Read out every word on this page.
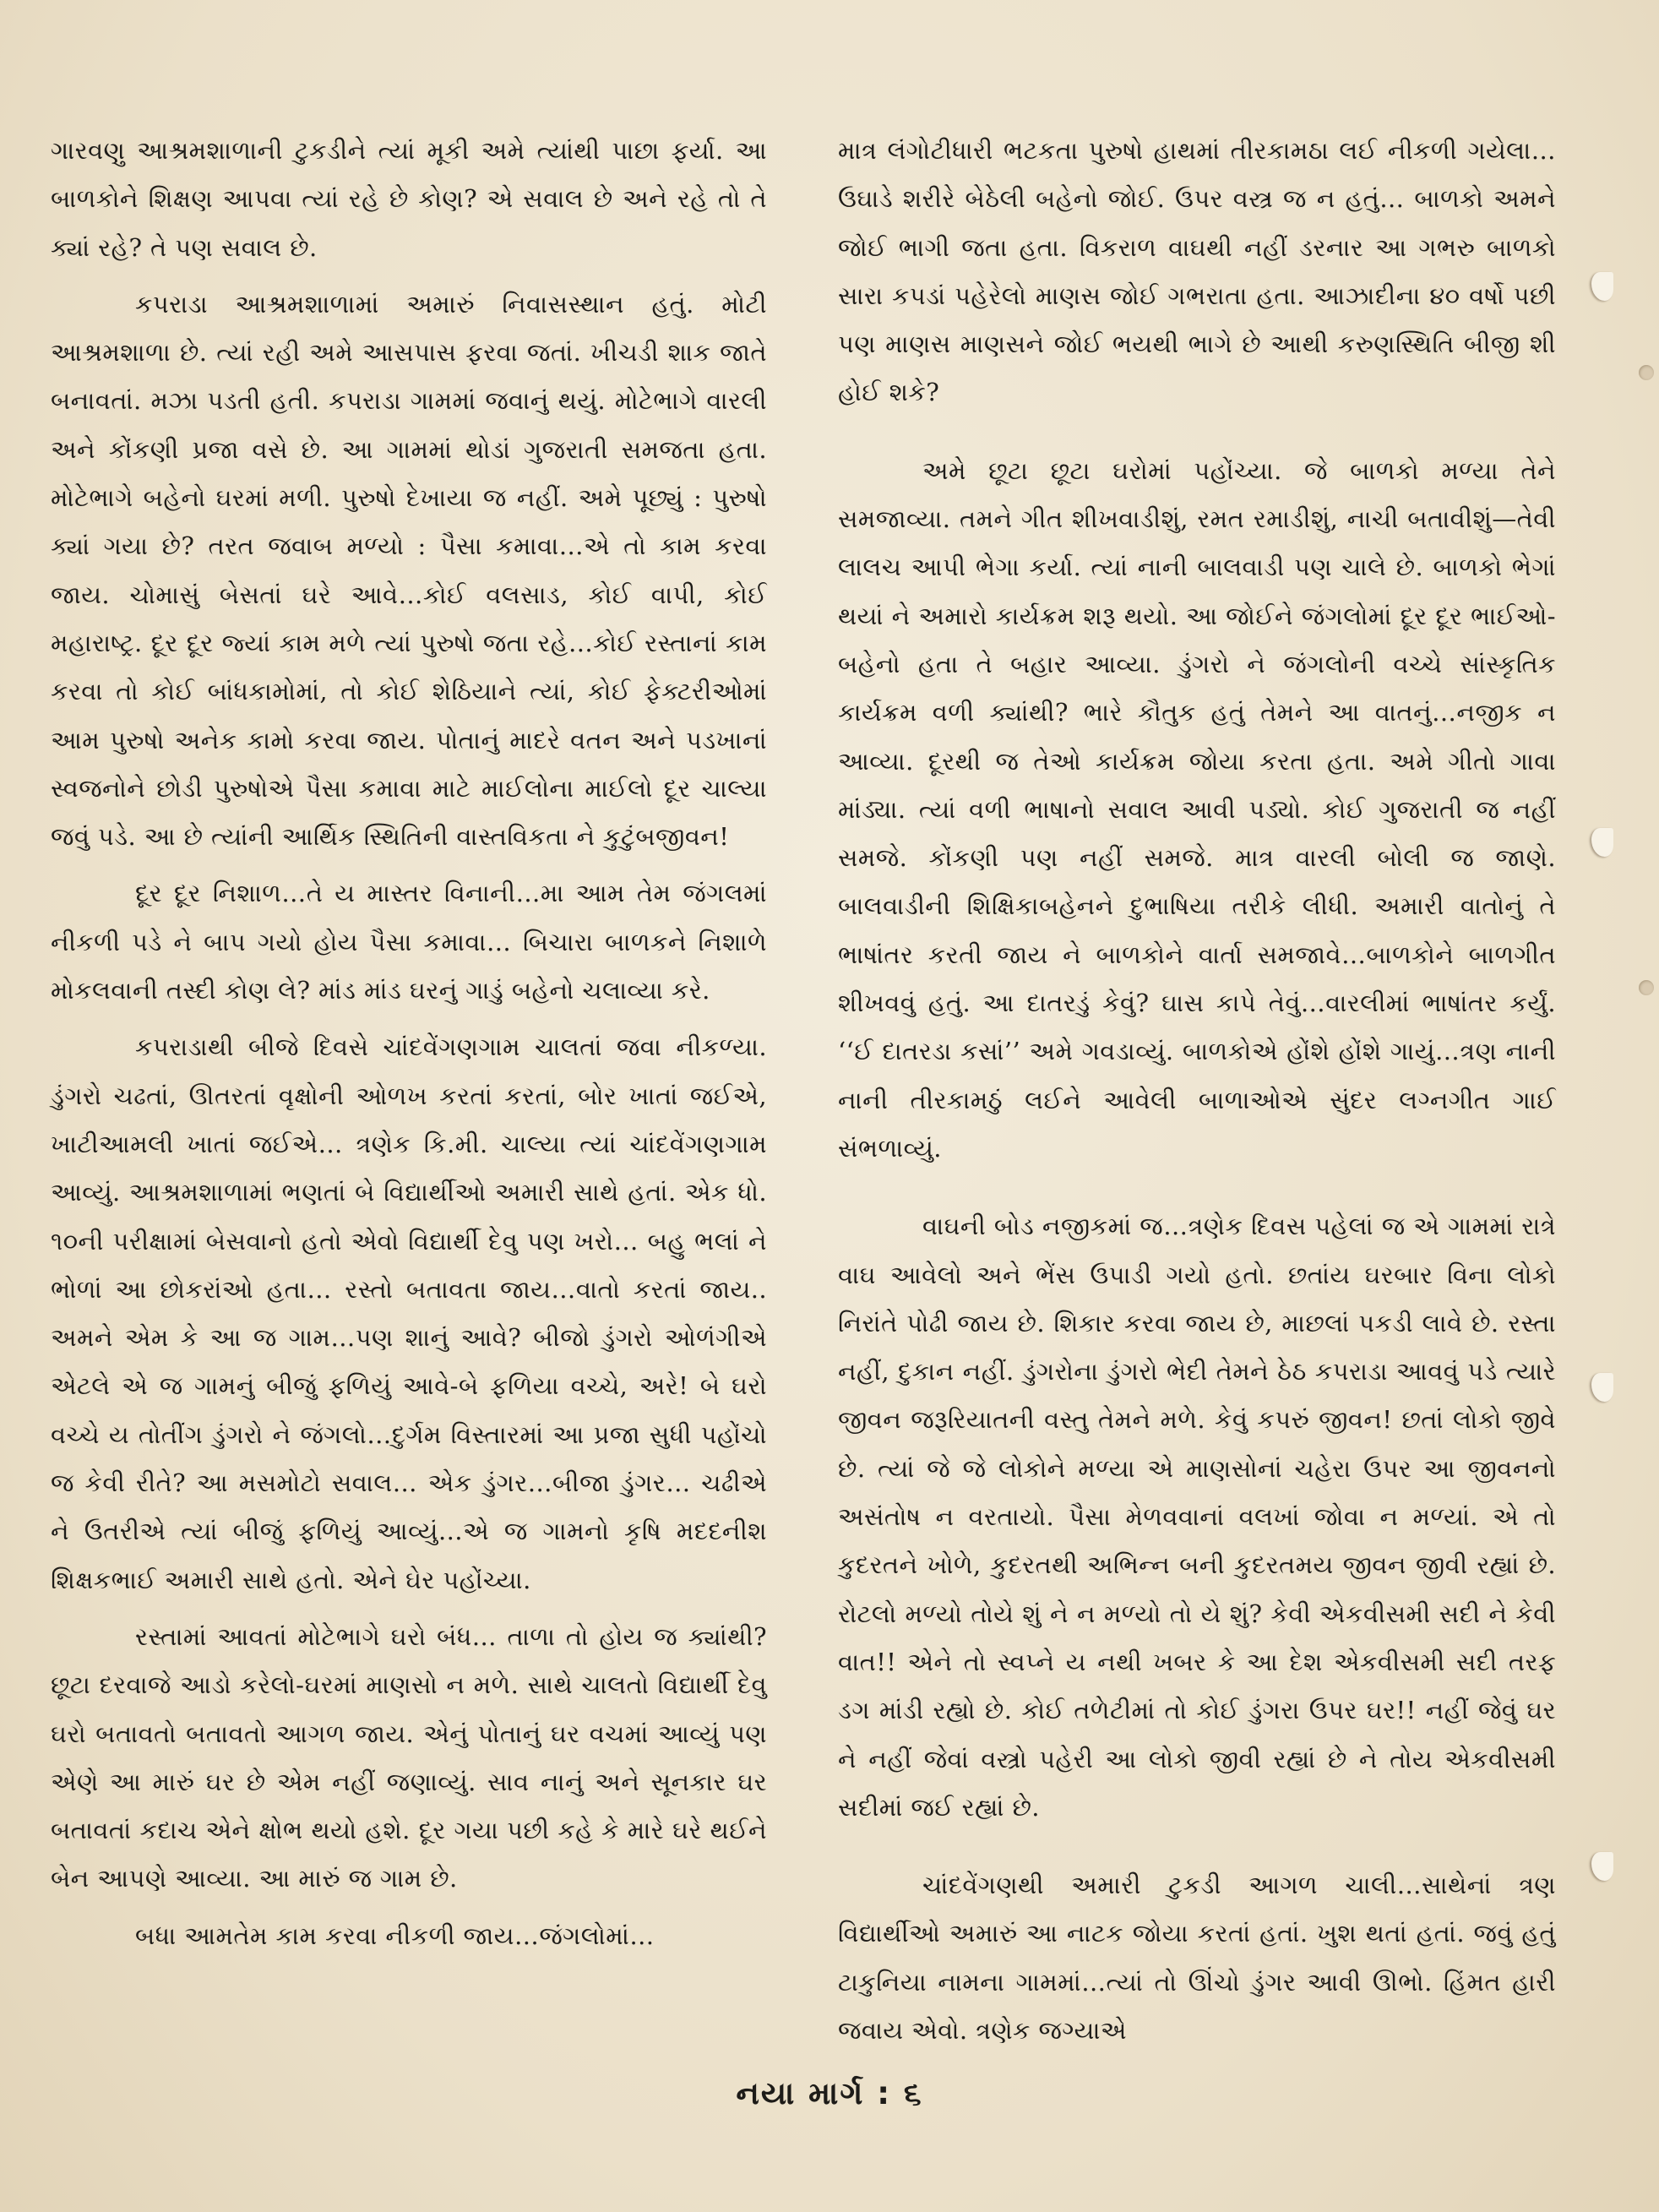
ગારવણુ આશ્રમશાળાની ટુકડીને ત્યાં મૂકી અમે ત્યાંથી પાછા ફર્યા. આ બાળકોને શિક્ષણ આપવા ત્યાં રહે છે કોણ? એ સવાલ છે અને રહે તો તે ક્યાં રહે? તે પણ સવાલ છે.

કપરાડા આશ્રમશાળામાં અમારું નિવાસસ્થાન હતું. મોટી આશ્રમશાળા છે. ત્યાં રહી અમે આસપાસ ફરવા જતાં. ખીચડી શાક જાતે બનાવતાં. મઝા પડતી હતી. કપરાડા ગામમાં જવાનું થયું. મોટેભાગે વારલી અને કોંકણી પ્રજા વસે છે. આ ગામમાં થોડાં ગુજરાતી સમજતા હતા. મોટેભાગે બહેનો ઘરમાં મળી. પુરુષો દેખાયા જ નહીં. અમે પૂછ્યું : પુરુષો ક્યાં ગયા છે? તરત જવાબ મળ્યો : પૈસા કમાવા…એ તો કામ કરવા જાય. ચોમાસું બેસતાં ઘરે આવે…કોઈ વલસાડ, કોઈ વાપી, કોઈ મહારાષ્ટ્ર. દૂર દૂર જ્યાં કામ મળે ત્યાં પુરુષો જતા રહે…કોઈ રસ્તાનાં કામ કરવા તો કોઈ બાંધકામોમાં, તો કોઈ શેઠિયાને ત્યાં, કોઈ ફેક્ટરીઓમાં આમ પુરુષો અનેક કામો કરવા જાય. પોતાનું માદરે વતન અને પડખાનાં સ્વજનોને છોડી પુરુષોએ પૈસા કમાવા માટે માઈલોના માઈલો દૂર ચાલ્યા જવું પડે. આ છે ત્યાંની આર્થિક સ્થિતિની વાસ્તવિકતા ને કુટુંબજીવન!

દૂર દૂર નિશાળ…તે ય માસ્તર વિનાની…મા આમ તેમ જંગલમાં નીકળી પડે ને બાપ ગયો હોય પૈસા કમાવા… બિચારા બાળકને નિશાળે મોકલવાની તસ્દી કોણ લે? માંડ માંડ ઘરનું ગાડું બહેનો ચલાવ્યા કરે.

કપરાડાથી બીજે દિવસે ચાંદવેંગણગામ ચાલતાં જવા નીકળ્યા. ડુંગરો ચઢતાં, ઊતરતાં વૃક્ષોની ઓળખ કરતાં કરતાં, બોર ખાતાં જઈએ, ખાટીઆમલી ખાતાં જઈએ… ત્રણેક કિ.મી. ચાલ્યા ત્યાં ચાંદવેંગણગામ આવ્યું. આશ્રમશાળામાં ભણતાં બે વિદ્યાર્થીઓ અમારી સાથે હતાં. એક ધો. ૧૦ની પરીક્ષામાં બેસવાનો હતો એવો વિદ્યાર્થી દેવુ પણ ખરો… બહુ ભલાં ને ભોળાં આ છોકરાંઓ હતા… રસ્તો બતાવતા જાય…વાતો કરતાં જાય.. અમને એમ કે આ જ ગામ…પણ શાનું આવે? બીજો ડુંગરો ઓળંગીએ એટલે એ જ ગામનું બીજું ફળિયું આવે-બે ફળિયા વચ્ચે, અરે! બે ઘરો વચ્ચે ય તોતીંગ ડુંગરો ને જંગલો…દુર્ગમ વિસ્તારમાં આ પ્રજા સુધી પહોંચો જ કેવી રીતે? આ મસમોટો સવાલ… એક ડુંગર…બીજા ડુંગર… ચઢીએ ને ઉતરીએ ત્યાં બીજું ફળિયું આવ્યું…એ જ ગામનો કૃષિ મદદનીશ શિક્ષકભાઈ અમારી સાથે હતો. એને ઘેર પહોંચ્યા.

રસ્તામાં આવતાં મોટેભાગે ઘરો બંધ… તાળા તો હોય જ ક્યાંથી? છૂટા દરવાજે આડો કરેલો-ઘરમાં માણસો ન મળે. સાથે ચાલતો વિદ્યાર્થી દેવુ ઘરો બતાવતો બતાવતો આગળ જાય. એનું પોતાનું ઘર વચમાં આવ્યું પણ એણે આ મારું ઘર છે એમ નહીં જણાવ્યું. સાવ નાનું અને સૂનકાર ઘર બતાવતાં કદાચ એને ક્ષોભ થયો હશે. દૂર ગયા પછી કહે કે મારે ઘરે થઈને બેન આપણે આવ્યા. આ મારું જ ગામ છે.

બધા આમતેમ કામ કરવા નીકળી જાય…જંગલોમાં…

માત્ર લંગોટીધારી ભટકતા પુરુષો હાથમાં તીરકામઠા લઈ નીકળી ગયેલા… ઉઘાડે શરીરે બેઠેલી બહેનો જોઈ. ઉપર વસ્ત્ર જ ન હતું… બાળકો અમને જોઈ ભાગી જતા હતા. વિકરાળ વાઘથી નહીં ડરનાર આ ગભરુ બાળકો સારા કપડાં પહેરેલો માણસ જોઈ ગભરાતા હતા. આઝાદીના ૪૦ વર્ષો પછી પણ માણસ માણસને જોઈ ભયથી ભાગે છે આથી કરુણસ્થિતિ બીજી શી હોઈ શકે?

અમે છૂટા છૂટા ઘરોમાં પહોંચ્યા. જે બાળકો મળ્યા તેને સમજાવ્યા. તમને ગીત શીખવાડીશું, રમત રમાડીશું, નાચી બતાવીશું—તેવી લાલચ આપી ભેગા કર્યા. ત્યાં નાની બાલવાડી પણ ચાલે છે. બાળકો ભેગાં થયાં ને અમારો કાર્યક્રમ શરૂ થયો. આ જોઈને જંગલોમાં દૂર દૂર ભાઈઓ-બહેનો હતા તે બહાર આવ્યા. ડુંગરો ને જંગલોની વચ્ચે સાંસ્કૃતિક કાર્યક્રમ વળી ક્યાંથી? ભારે કૌતુક હતું તેમને આ વાતનું…નજીક ન આવ્યા. દૂરથી જ તેઓ કાર્યક્રમ જોયા કરતા હતા. અમે ગીતો ગાવા માંડ્યા. ત્યાં વળી ભાષાનો સવાલ આવી પડ્યો. કોઈ ગુજરાતી જ નહીં સમજે. કોંકણી પણ નહીં સમજે. માત્ર વારલી બોલી જ જાણે. બાલવાડીની શિક્ષિકાબહેનને દુભાષિયા તરીકે લીધી. અમારી વાતોનું તે ભાષાંતર કરતી જાય ને બાળકોને વાર્તા સમજાવે…બાળકોને બાળગીત શીખવવું હતું. આ દાતરડું કેવું? ઘાસ કાપે તેવું…વારલીમાં ભાષાંતર કર્યું. ‘‘ઈ દાતરડા કસાં’’ અમે ગવડાવ્યું. બાળકોએ હોંશે હોંશે ગાયું…ત્રણ નાની નાની તીરકામઠું લઈને આવેલી બાળાઓએ સુંદર લગ્નગીત ગાઈ સંભળાવ્યું.

વાઘની બોડ નજીકમાં જ…ત્રણેક દિવસ પહેલાં જ એ ગામમાં રાત્રે વાઘ આવેલો અને ભેંસ ઉપાડી ગયો હતો. છતાંય ઘરબાર વિના લોકો નિરાંતે પોઢી જાય છે. શિકાર કરવા જાય છે, માછલાં પકડી લાવે છે. રસ્તા નહીં, દુકાન નહીં. ડુંગરોના ડુંગરો ભેદી તેમને ઠેઠ કપરાડા આવવું પડે ત્યારે જીવન જરૂરિયાતની વસ્તુ તેમને મળે. કેવું કપરું જીવન! છતાં લોકો જીવે છે. ત્યાં જે જે લોકોને મળ્યા એ માણસોનાં ચહેરા ઉપર આ જીવનનો અસંતોષ ન વરતાયો. પૈસા મેળવવાનાં વલખાં જોવા ન મળ્યાં. એ તો કુદરતને ખોળે, કુદરતથી અભિન્ન બની કુદરતમય જીવન જીવી રહ્યાં છે. રોટલો મળ્યો તોયે શું ને ન મળ્યો તો યે શું? કેવી એકવીસમી સદી ને કેવી વાત!! એને તો સ્વપ્ને ય નથી ખબર કે આ દેશ એકવીસમી સદી તરફ ડગ માંડી રહ્યો છે. કોઈ તળેટીમાં તો કોઈ ડુંગરા ઉપર ઘર!! નહીં જેવું ઘર ને નહીં જેવાં વસ્ત્રો પહેરી આ લોકો જીવી રહ્યાં છે ને તોય એકવીસમી સદીમાં જઈ રહ્યાં છે.

ચાંદવેંગણથી અમારી ટુકડી આગળ ચાલી…સાથેનાં ત્રણ વિદ્યાર્થીઓ અમારું આ નાટક જોયા કરતાં હતાં. ખુશ થતાં હતાં. જવું હતું ટાકુનિયા નામના ગામમાં…ત્યાં તો ઊંચો ડુંગર આવી ઊભો. હિંમત હારી જવાય એવો. ત્રણેક જગ્યાએ

નયા માર્ગ : ૬
